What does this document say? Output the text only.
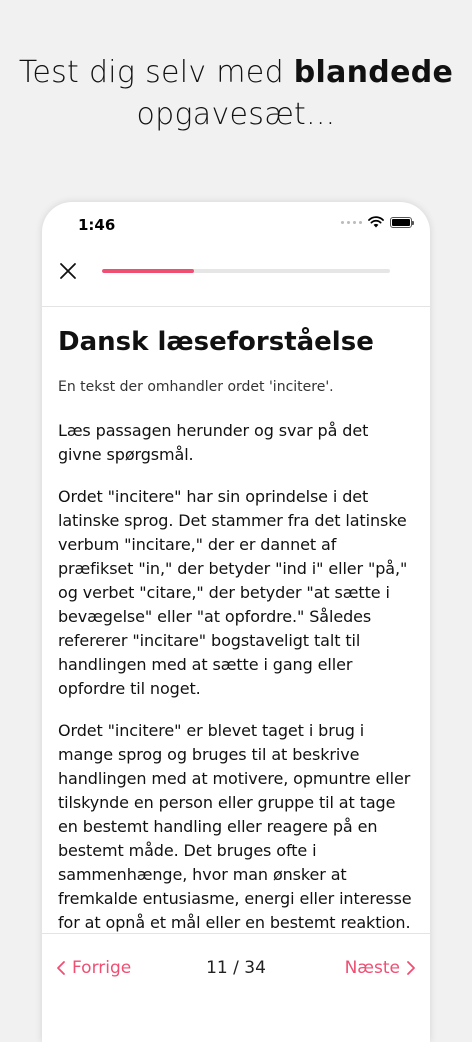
Test dig selv med blandede
opgavesæt...
1:46
Dansk læseforståelse
En tekst der omhandler ordet 'incitere'.
Læs passagen herunder og svar på det givne spørgsmål.
Ordet "incitere" har sin oprindelse i det latinske sprog. Det stammer fra det latinske verbum "incitare," der er dannet af præfikset "in," der betyder "ind i" eller "på," og verbet "citare," der betyder "at sætte i bevægelse" eller "at opfordre." Således refererer "incitare" bogstaveligt talt til handlingen med at sætte i gang eller opfordre til noget.
Ordet "incitere" er blevet taget i brug i mange sprog og bruges til at beskrive handlingen med at motivere, opmuntre eller tilskynde en person eller gruppe til at tage en bestemt handling eller reagere på en bestemt måde. Det bruges ofte i sammenhænge, hvor man ønsker at fremkalde entusiasme, energi eller interesse for at opnå et mål eller en bestemt reaktion.
Forrige	11 / 34	Næste
